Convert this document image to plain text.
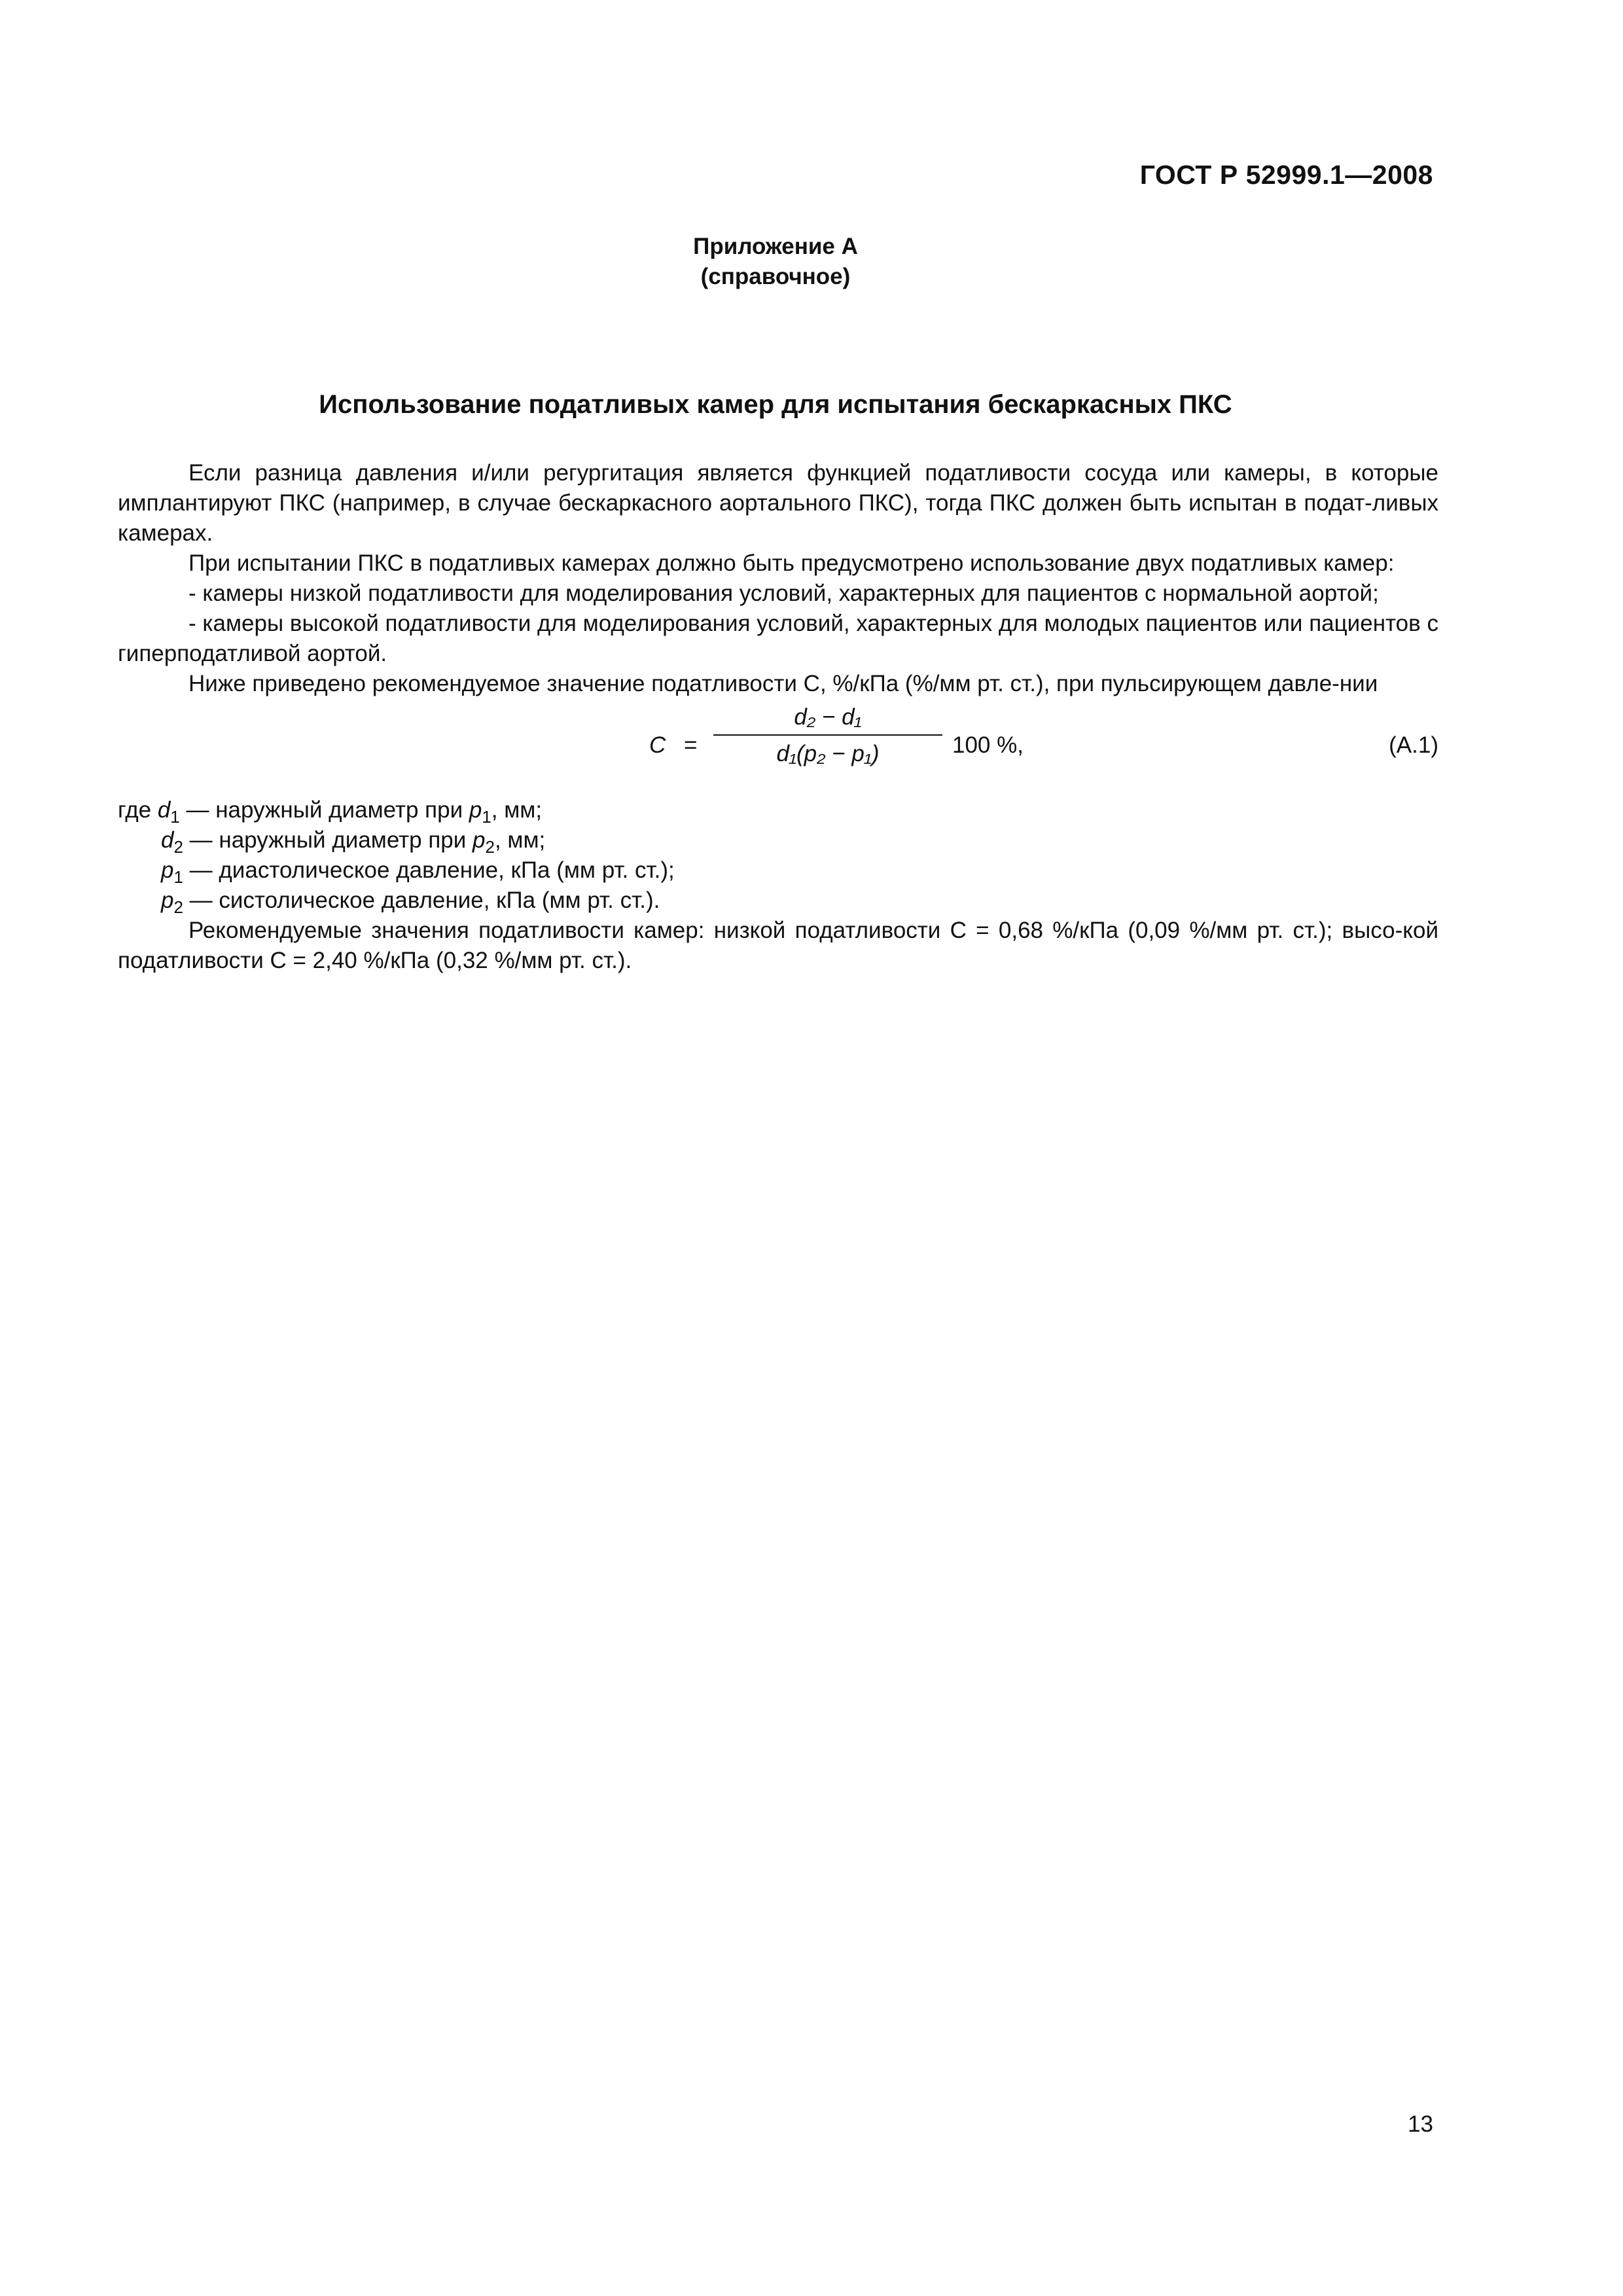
ГОСТ Р 52999.1—2008
Приложение А
(справочное)
Использование податливых камер для испытания бескаркасных ПКС

Если разница давления и/или регургитация является функцией податливости сосуда или камеры, в которые имплантируют ПКС (например, в случае бескаркасного аортального ПКС), тогда ПКС должен быть испытан в подат-ливых камерах.

При испытании ПКС в податливых камерах должно быть предусмотрено использование двух податливых камер:

- камеры низкой податливости для моделирования условий, характерных для пациентов с нормальной аортой;

- камеры высокой податливости для моделирования условий, характерных для молодых пациентов или пациентов с гиперподатливой аортой.

Ниже приведено рекомендуемое значение податливости C, %/кПа (%/мм рт. ст.), при пульсирующем давле-нии

C =
d₂ − d₁
d₁(p₂ − p₁)	100 %,	(А.1)
где $d_1$ — наружный диаметр при $p_1$, мм;
$d_2$ — наружный диаметр при $p_2$, мм;
$p_1$ — диастолическое давление, кПа (мм рт. ст.);
$p_2$ — систолическое давление, кПа (мм рт. ст.).

Рекомендуемые значения податливости камер: низкой податливости C = 0,68 %/кПа (0,09 %/мм рт. ст.); высо-кой податливости C = 2,40 %/кПа (0,32 %/мм рт. ст.).

13
